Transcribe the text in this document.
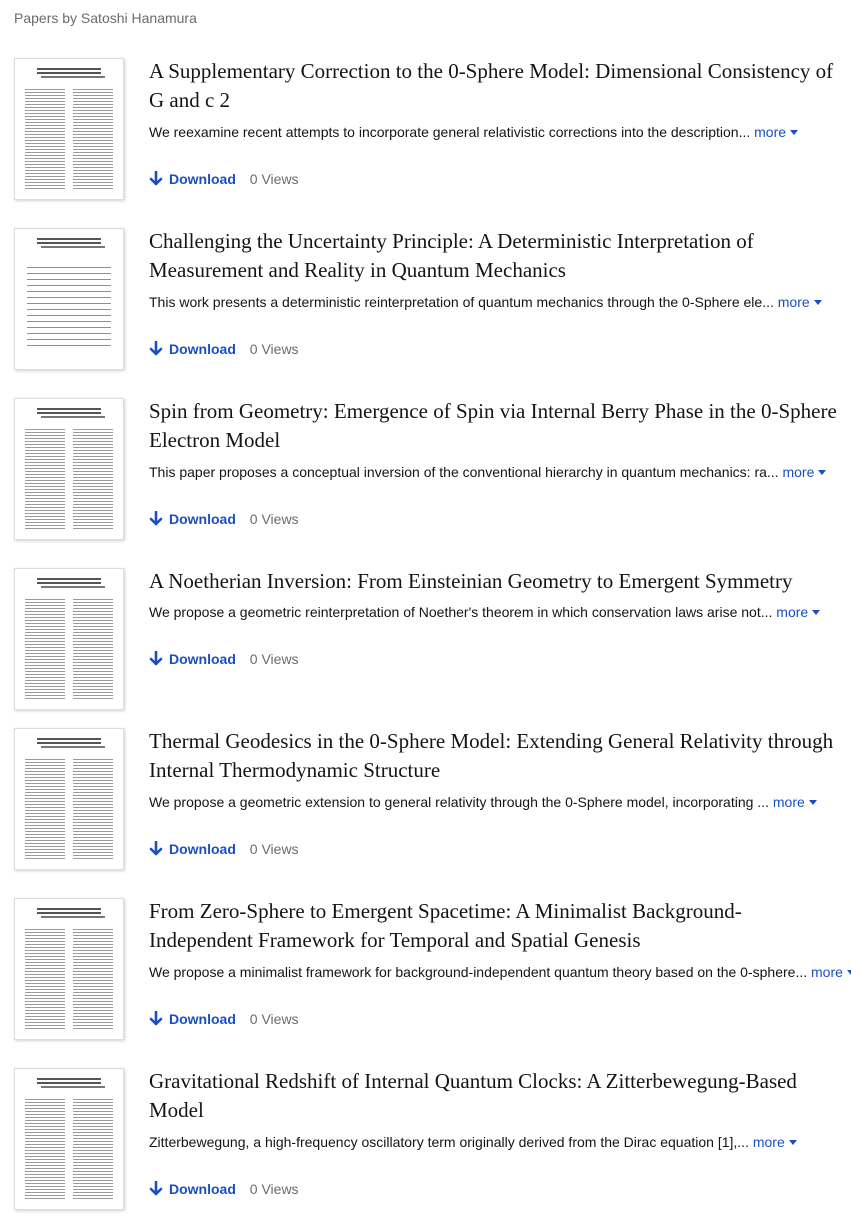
Papers by Satoshi Hanamura
A Supplementary Correction to the 0-Sphere Model: Dimensional Consistency of G and c 2
We reexamine recent attempts to incorporate general relativistic corrections into the description... more
Download 0 Views
Challenging the Uncertainty Principle: A Deterministic Interpretation of Measurement and Reality in Quantum Mechanics
This work presents a deterministic reinterpretation of quantum mechanics through the 0-Sphere ele... more
Download 0 Views
Spin from Geometry: Emergence of Spin via Internal Berry Phase in the 0-Sphere Electron Model
This paper proposes a conceptual inversion of the conventional hierarchy in quantum mechanics: ra... more
Download 0 Views
A Noetherian Inversion: From Einsteinian Geometry to Emergent Symmetry
We propose a geometric reinterpretation of Noether's theorem in which conservation laws arise not... more
Download 0 Views
Thermal Geodesics in the 0-Sphere Model: Extending General Relativity through Internal Thermodynamic Structure
We propose a geometric extension to general relativity through the 0-Sphere model, incorporating ... more
Download 0 Views
From Zero-Sphere to Emergent Spacetime: A Minimalist Background-Independent Framework for Temporal and Spatial Genesis
We propose a minimalist framework for background-independent quantum theory based on the 0-sphere... more
Download 0 Views
Gravitational Redshift of Internal Quantum Clocks: A Zitterbewegung-Based Model
Zitterbewegung, a high-frequency oscillatory term originally derived from the Dirac equation [1],... more
Download 0 Views
